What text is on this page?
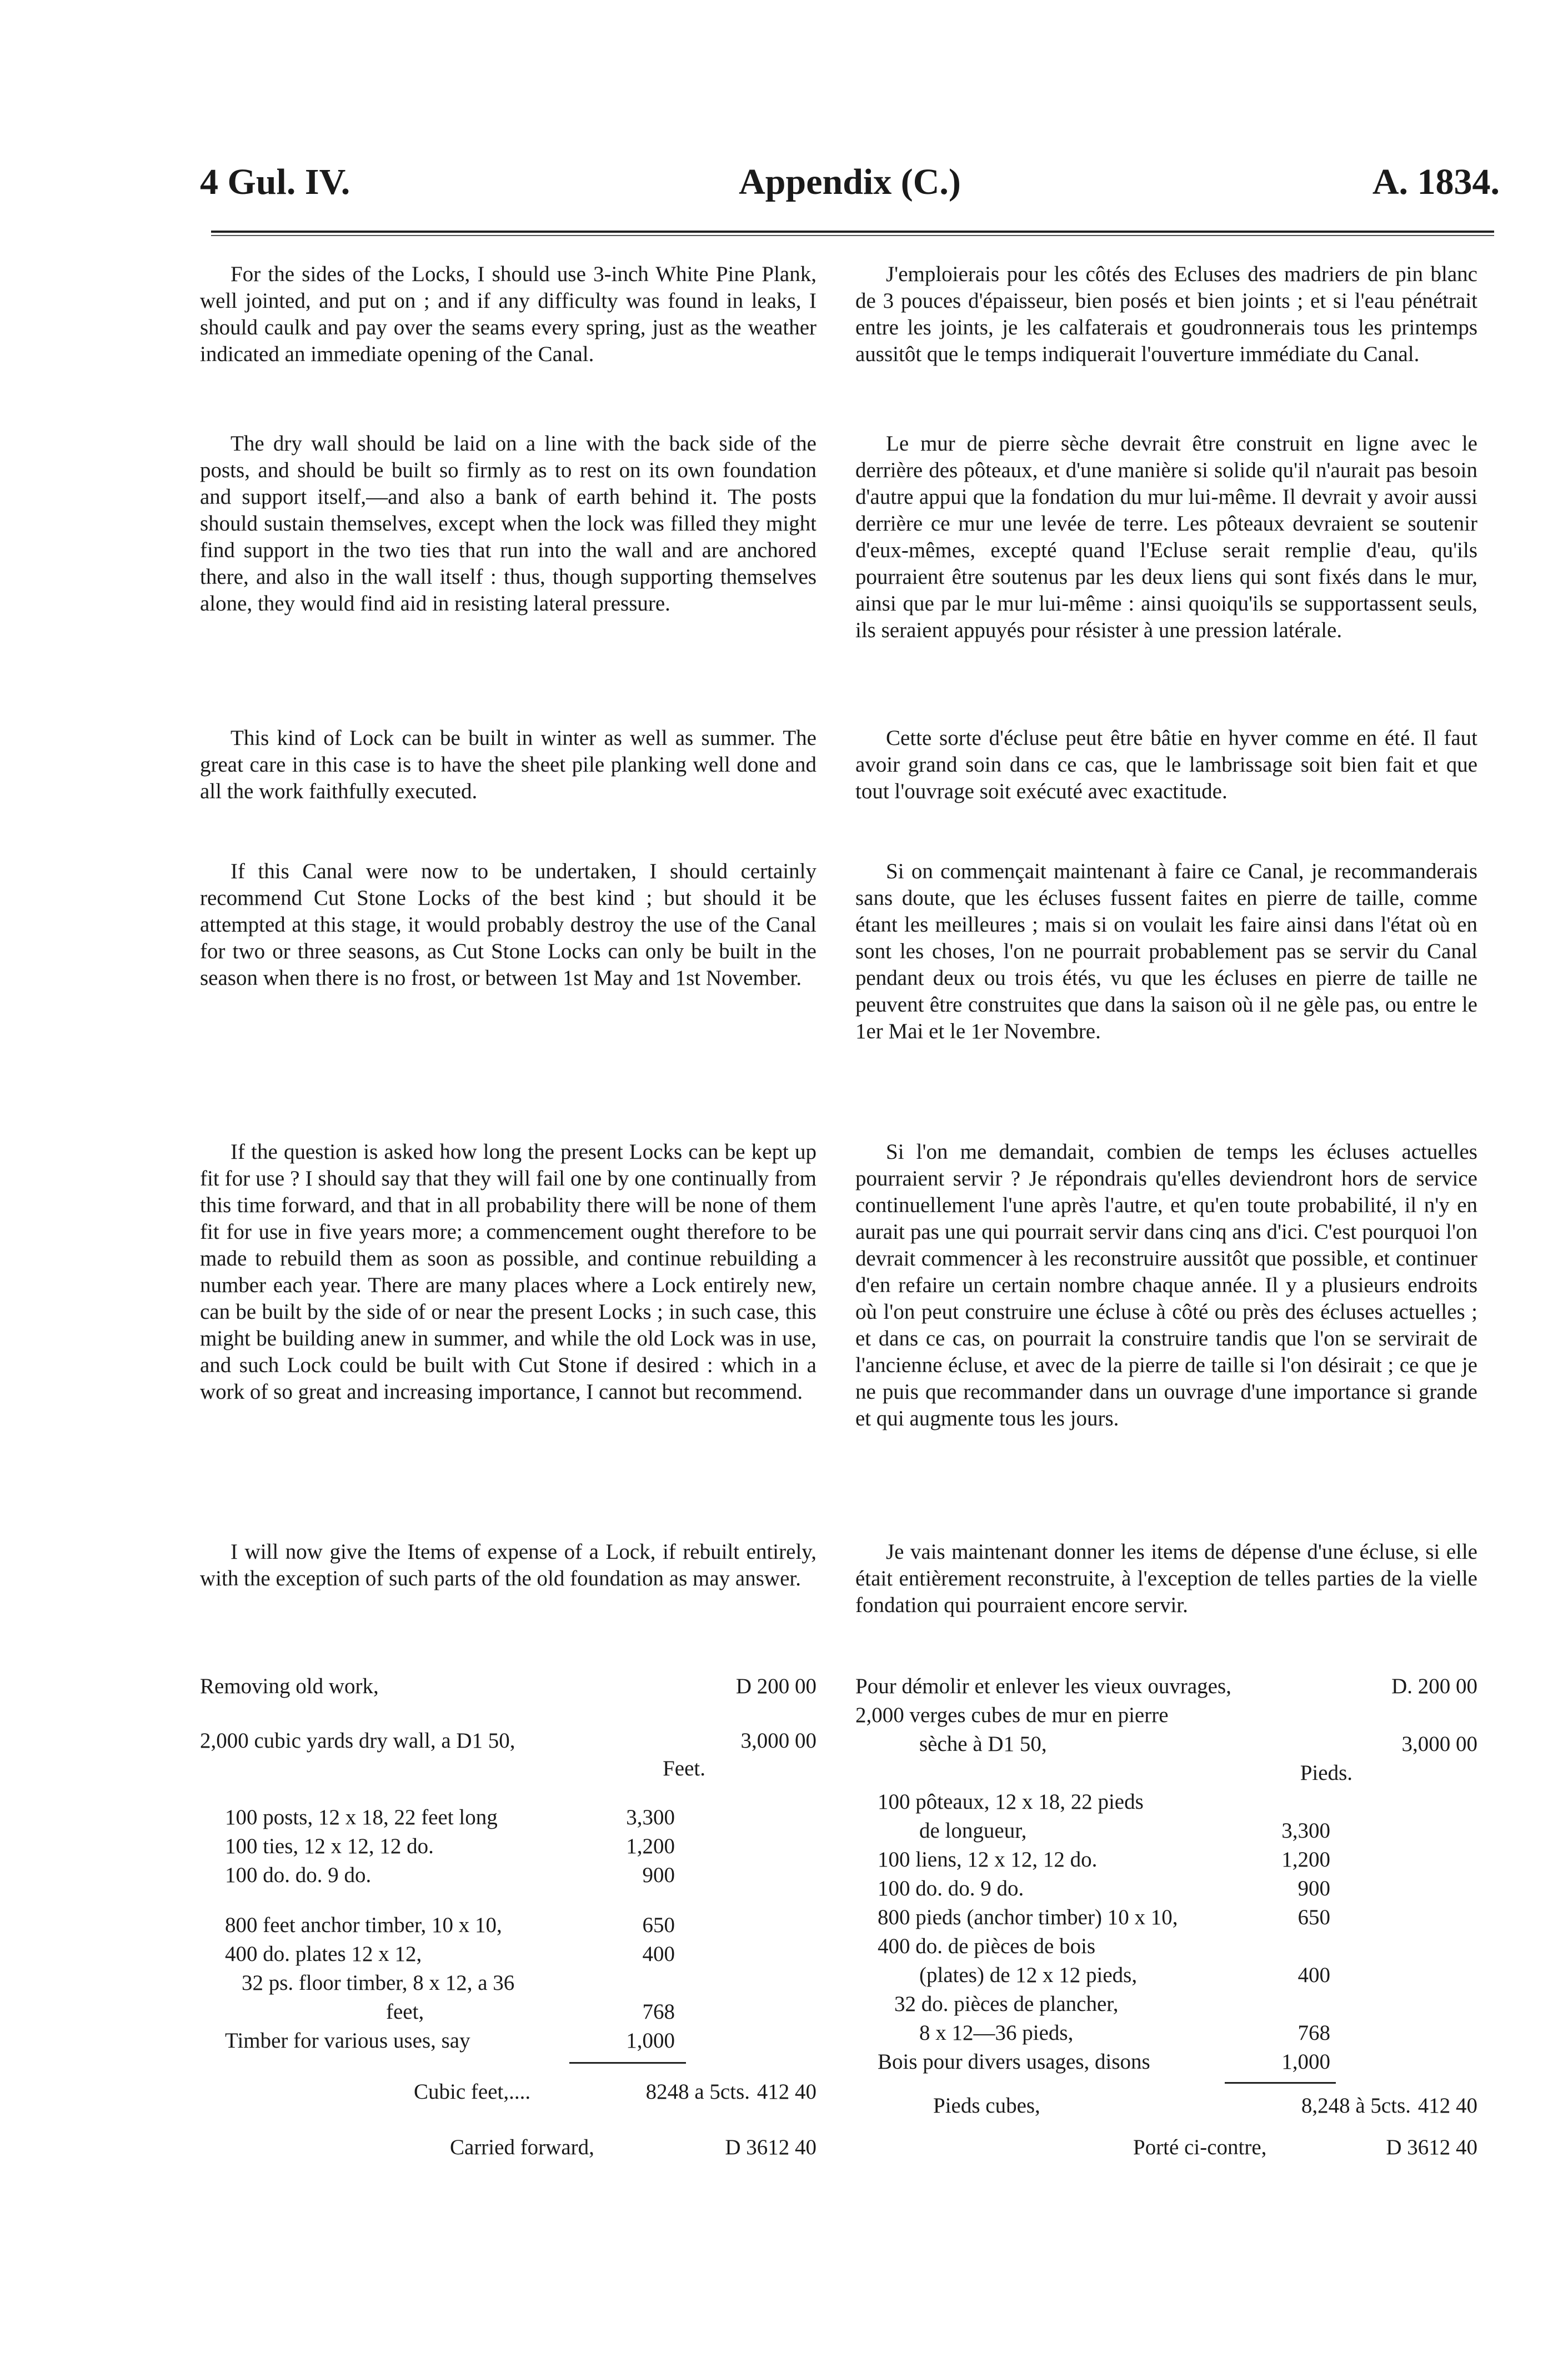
4 Gul. IV.	Appendix (C.)	A. 1834.

For the sides of the Locks, I should use 3-inch White Pine Plank, well jointed, and put on ; and if any difficulty was found in leaks, I should caulk and pay over the seams every spring, just as the weather indicated an immediate opening of the Canal.

The dry wall should be laid on a line with the back side of the posts, and should be built so firmly as to rest on its own foundation and support itself,—and also a bank of earth behind it. The posts should sustain themselves, except when the lock was filled they might find support in the two ties that run into the wall and are anchored there, and also in the wall itself : thus, though supporting themselves alone, they would find aid in resisting lateral pressure.

This kind of Lock can be built in winter as well as summer. The great care in this case is to have the sheet pile planking well done and all the work faithfully executed.

If this Canal were now to be undertaken, I should certainly recommend Cut Stone Locks of the best kind ; but should it be attempted at this stage, it would probably destroy the use of the Canal for two or three seasons, as Cut Stone Locks can only be built in the season when there is no frost, or between 1st May and 1st November.

If the question is asked how long the present Locks can be kept up fit for use ? I should say that they will fail one by one continually from this time forward, and that in all probability there will be none of them fit for use in five years more; a commencement ought therefore to be made to rebuild them as soon as possible, and continue rebuilding a number each year. There are many places where a Lock entirely new, can be built by the side of or near the present Locks ; in such case, this might be building anew in summer, and while the old Lock was in use, and such Lock could be built with Cut Stone if desired : which in a work of so great and increasing importance, I cannot but recommend.

I will now give the Items of expense of a Lock, if rebuilt entirely, with the exception of such parts of the old foundation as may answer.

Removing old work,	D 200 00
2,000 cubic yards dry wall, a D1 50,	3,000 00
Feet.
100 posts, 12 x 18, 22 feet long	3,300
100 ties, 12 x 12, 12 do.	1,200
100 do. do. 9 do.	900
800 feet anchor timber, 10 x 10,	650
400 do. plates 12 x 12,	400
32 ps. floor timber, 8 x 12, a 36
feet,	768
Timber for various uses, say	1,000
Cubic feet,....	8248 a 5cts. 412 40
Carried forward,	D 3612 40

J'emploierais pour les côtés des Ecluses des madriers de pin blanc de 3 pouces d'épaisseur, bien posés et bien joints ; et si l'eau pénétrait entre les joints, je les calfaterais et goudronnerais tous les printemps aussitôt que le temps indiquerait l'ouverture immédiate du Canal.

Le mur de pierre sèche devrait être construit en ligne avec le derrière des pôteaux, et d'une manière si solide qu'il n'aurait pas besoin d'autre appui que la fondation du mur lui-même. Il devrait y avoir aussi derrière ce mur une levée de terre. Les pôteaux devraient se soutenir d'eux-mêmes, excepté quand l'Ecluse serait remplie d'eau, qu'ils pourraient être soutenus par les deux liens qui sont fixés dans le mur, ainsi que par le mur lui-même : ainsi quoiqu'ils se supportassent seuls, ils seraient appuyés pour résister à une pression latérale.

Cette sorte d'écluse peut être bâtie en hyver comme en été. Il faut avoir grand soin dans ce cas, que le lambrissage soit bien fait et que tout l'ouvrage soit exécuté avec exactitude.

Si on commençait maintenant à faire ce Canal, je recommanderais sans doute, que les écluses fussent faites en pierre de taille, comme étant les meilleures ; mais si on voulait les faire ainsi dans l'état où en sont les choses, l'on ne pourrait probablement pas se servir du Canal pendant deux ou trois étés, vu que les écluses en pierre de taille ne peuvent être construites que dans la saison où il ne gèle pas, ou entre le 1er Mai et le 1er Novembre.

Si l'on me demandait, combien de temps les écluses actuelles pourraient servir ? Je répondrais qu'elles deviendront hors de service continuellement l'une après l'autre, et qu'en toute probabilité, il n'y en aurait pas une qui pourrait servir dans cinq ans d'ici. C'est pourquoi l'on devrait commencer à les reconstruire aussitôt que possible, et continuer d'en refaire un certain nombre chaque année. Il y a plusieurs endroits où l'on peut construire une écluse à côté ou près des écluses actuelles ; et dans ce cas, on pourrait la construire tandis que l'on se servirait de l'ancienne écluse, et avec de la pierre de taille si l'on désirait ; ce que je ne puis que recommander dans un ouvrage d'une importance si grande et qui augmente tous les jours.

Je vais maintenant donner les items de dépense d'une écluse, si elle était entièrement reconstruite, à l'exception de telles parties de la vielle fondation qui pourraient encore servir.

Pour démolir et enlever les vieux ouvrages,	D. 200 00
2,000 verges cubes de mur en pierre
sèche à D1 50,	3,000 00
Pieds.
100 pôteaux, 12 x 18, 22 pieds
de longueur,	3,300
100 liens, 12 x 12, 12 do.	1,200
100 do. do. 9 do.	900
800 pieds (anchor timber) 10 x 10,	650
400 do. de pièces de bois
(plates) de 12 x 12 pieds,	400
32 do. pièces de plancher,
8 x 12—36 pieds,	768
Bois pour divers usages, disons	1,000
Pieds cubes,	8,248 à 5cts. 412 40
Porté ci-contre,	D 3612 40
